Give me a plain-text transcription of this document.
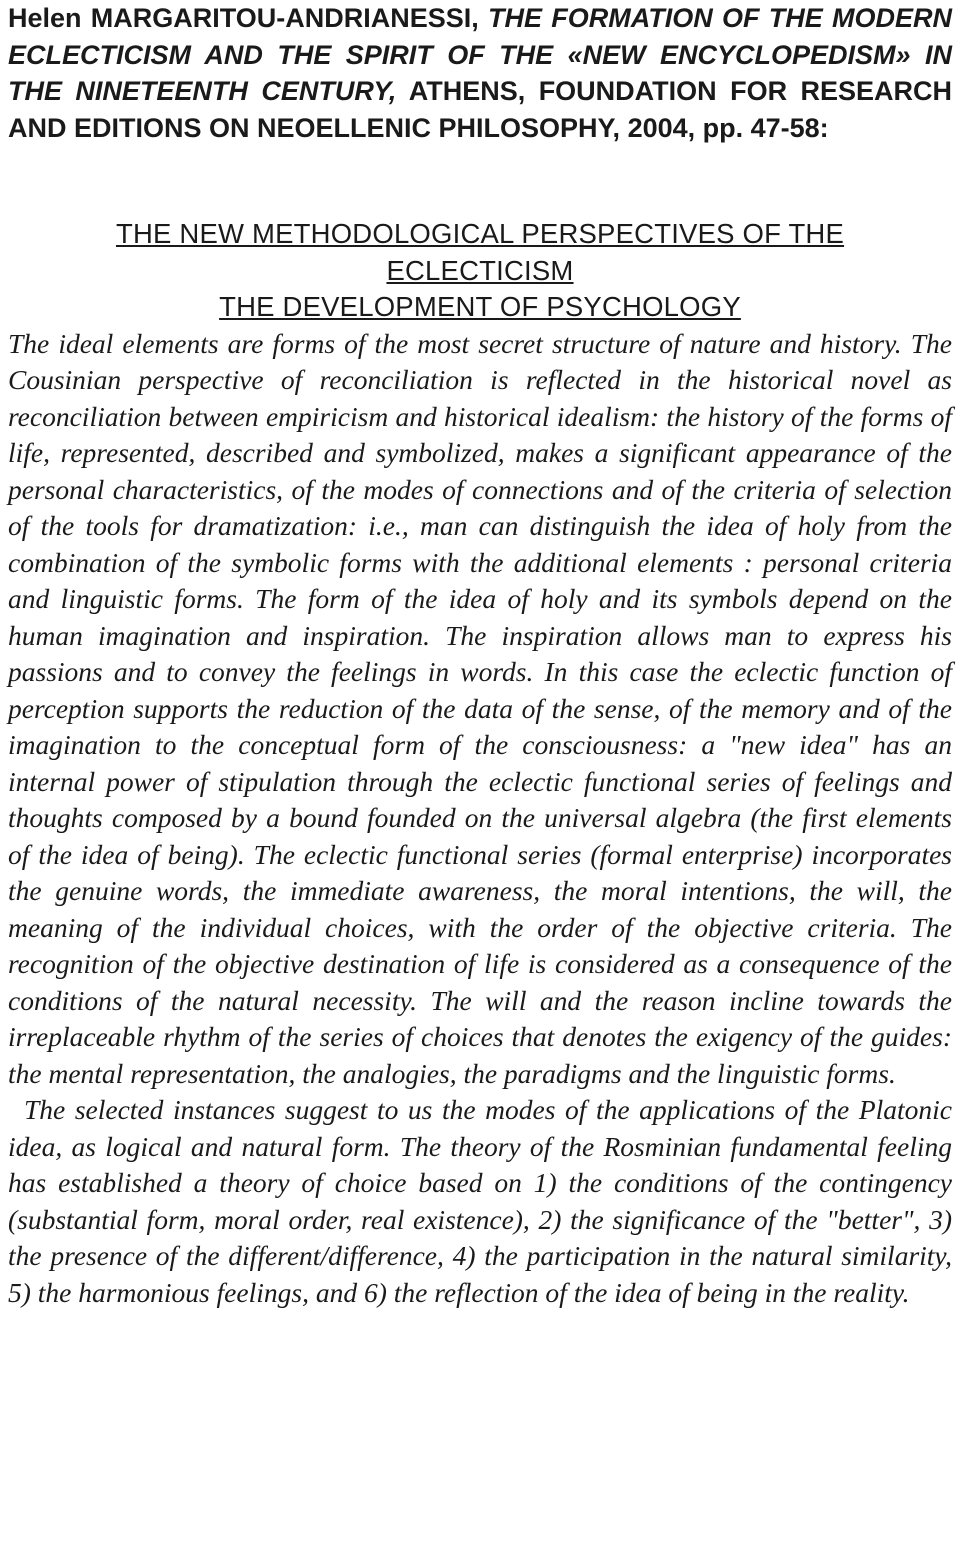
Helen MARGARITOU-ANDRIANESSI, THE FORMATION OF THE MODERN ECLECTICISM AND THE SPIRIT OF THE «NEW ENCYCLOPEDISM» IN THE NINETEENTH CENTURY, ATHENS, FOUNDATION FOR RESEARCH AND EDITIONS ON NEOELLENIC PHILOSOPHY, 2004, pp. 47-58:

THE NEW METHODOLOGICAL PERSPECTIVES OF THE

ECLECTICISM

THE DEVELOPMENT OF PSYCHOLOGY

The ideal elements are forms of the most secret structure of nature and history. The Cousinian perspective of reconciliation is reflected in the historical novel as reconciliation between empiricism and historical idealism: the history of the forms of life, represented, described and symbolized, makes a significant appearance of the personal characteristics, of the modes of connections and of the criteria of selection of the tools for dramatization: i.e., man can distinguish the idea of holy from the combination of the symbolic forms with the additional elements : personal criteria and linguistic forms. The form of the idea of holy and its symbols depend on the human imagination and inspiration. The inspiration allows man to express his passions and to convey the feelings in words. In this case the eclectic function of perception supports the reduction of the data of the sense, of the memory and of the imagination to the conceptual form of the consciousness: a "new idea" has an internal power of stipulation through the eclectic functional series of feelings and thoughts composed by a bound founded on the universal algebra (the first elements of the idea of being). The eclectic functional series (formal enterprise) incorporates the genuine words, the immediate awareness, the moral intentions, the will, the meaning of the individual choices, with the order of the objective criteria. The recognition of the objective destination of life is considered as a consequence of the conditions of the natural necessity. The will and the reason incline towards the irreplaceable rhythm of the series of choices that denotes the exigency of the guides: the mental representation, the analogies, the paradigms and the linguistic forms.

The selected instances suggest to us the modes of the applications of the Platonic idea, as logical and natural form. The theory of the Rosminian fundamental feeling has established a theory of choice based on 1) the conditions of the contingency (substantial form, moral order, real existence), 2) the significance of the "better", 3) the presence of the different/difference, 4) the participation in the natural similarity, 5) the harmonious feelings, and 6) the reflection of the idea of being in the reality.
